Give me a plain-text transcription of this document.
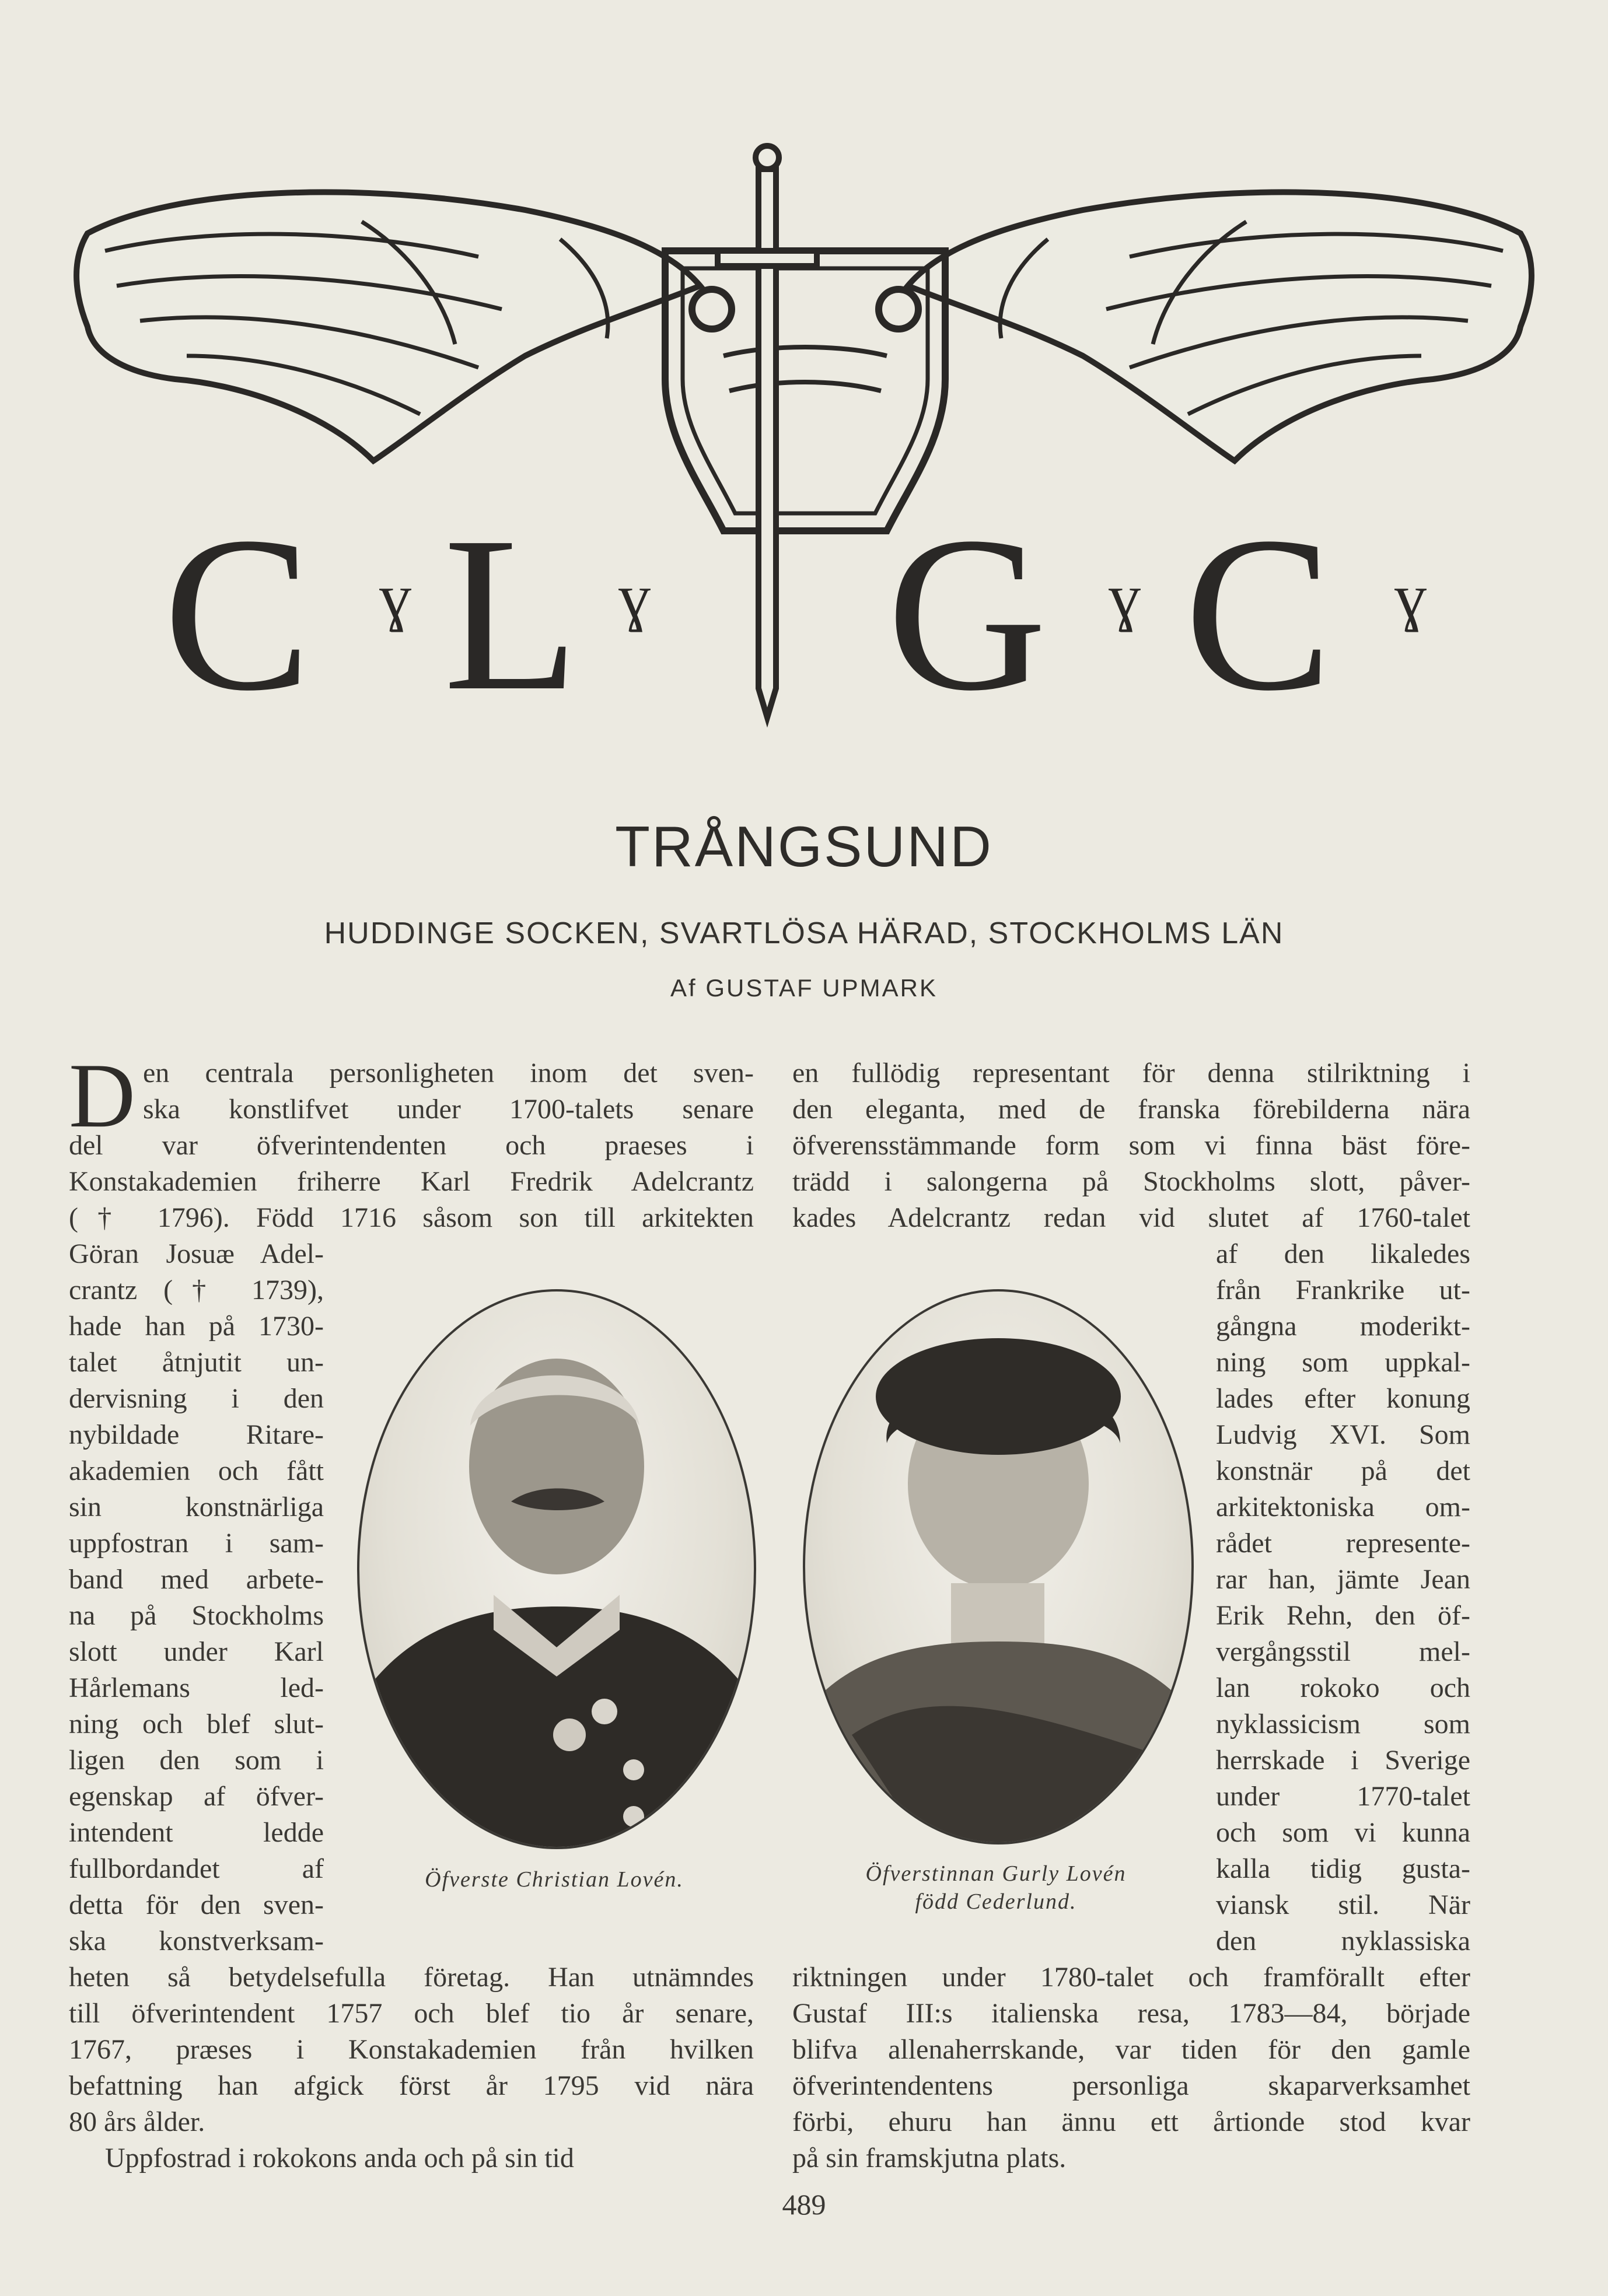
C L G C
ɣ	ɣ	ɣ	ɣ
TRÅNGSUND
HUDDINGE SOCKEN, SVARTLÖSA HÄRAD, STOCKHOLMS LÄN
Af GUSTAF UPMARK
D en centrala personligheten inom det sven-
ska konstlifvet under 1700-talets senare
del var öfverintendenten och praeses i
Konstakademien friherre Karl Fredrik Adelcrantz
(† 1796). Född 1716 såsom son till arkitekten
Göran Josuæ Adel-
crantz († 1739),
hade han på 1730-
talet åtnjutit un-
dervisning i den
nybildade Ritare-
akademien och fått
sin konstnärliga
uppfostran i sam-
band med arbete-
na på Stockholms
slott under Karl
Hårlemans led-
ning och blef slut-
ligen den som i
egenskap af öfver-
intendent ledde
fullbordandet af
detta för den sven-
ska konstverksam-
heten så betydelsefulla företag. Han utnämndes
till öfverintendent 1757 och blef tio år senare,
1767, præses i Konstakademien från hvilken
befattning han afgick först år 1795 vid nära
80 års ålder.
Uppfostrad i rokokons anda och på sin tid
en fullödig representant för denna stilriktning i
den eleganta, med de franska förebilderna nära
öfverensstämmande form som vi finna bäst före-
trädd i salongerna på Stockholms slott, påver-
kades Adelcrantz redan vid slutet af 1760-talet
af den likaledes
från Frankrike ut-
gångna moderikt-
ning som uppkal-
lades efter konung
Ludvig XVI. Som
konstnär på det
arkitektoniska om-
rådet represente-
rar han, jämte Jean
Erik Rehn, den öf-
vergångsstil mel-
lan rokoko och
nyklassicism som
herrskade i Sverige
under 1770-talet
och som vi kunna
kalla tidig gusta-
viansk stil. När
den nyklassiska
riktningen under 1780-talet och framförallt efter
Gustaf III:s italienska resa, 1783—84, började
blifva allenaherrskande, var tiden för den gamle
öfverintendentens personliga skaparverksamhet
förbi, ehuru han ännu ett årtionde stod kvar
på sin framskjutna plats.
Öfverste Christian Lovén.	Öfverstinnan Gurly Lovén
född Cederlund.
489
